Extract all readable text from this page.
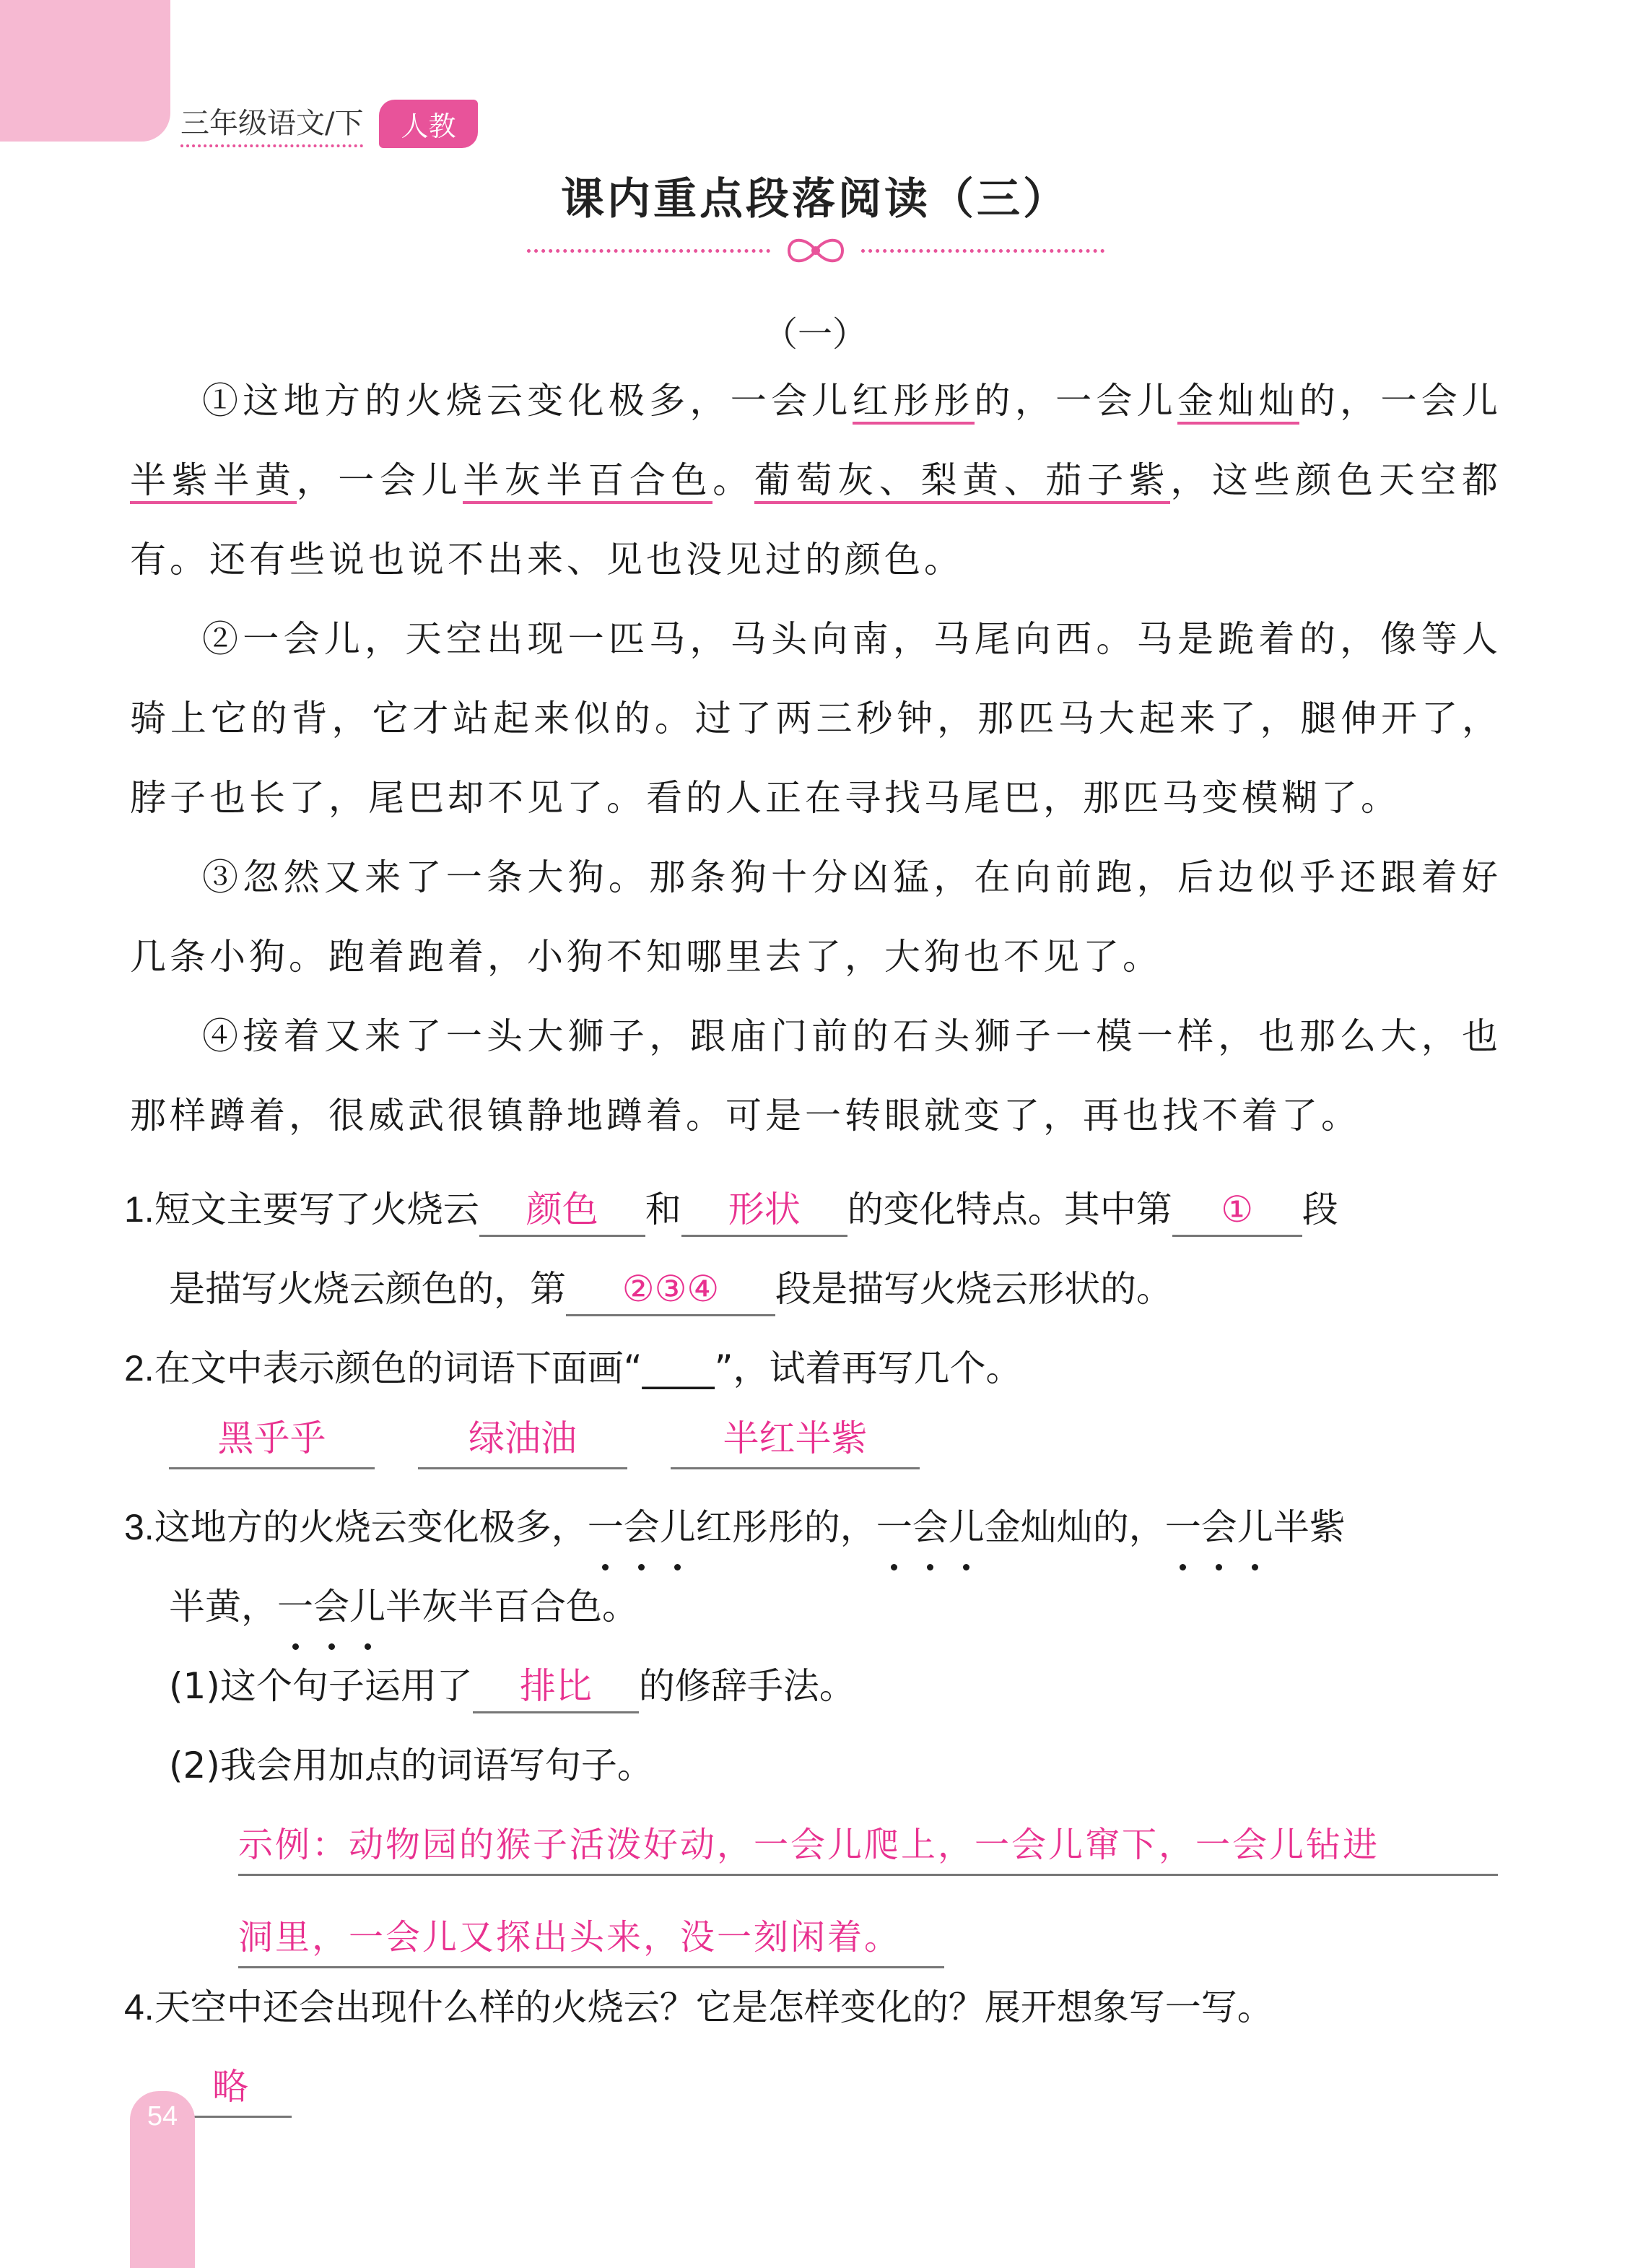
三年级语文/下	人教
课内重点段落阅读（三）
（一）

①这地方的火烧云变化极多，一会儿红彤彤的，一会儿金灿灿的，一会儿半紫半黄，一会儿半灰半百合色。葡萄灰、梨黄、茄子紫，这些颜色天空都有。还有些说也说不出来、见也没见过的颜色。

②一会儿，天空出现一匹马，马头向南，马尾向西。马是跪着的，像等人骑上它的背，它才站起来似的。过了两三秒钟，那匹马大起来了，腿伸开了，脖子也长了，尾巴却不见了。看的人正在寻找马尾巴，那匹马变模糊了。

③忽然又来了一条大狗。那条狗十分凶猛，在向前跑，后边似乎还跟着好几条小狗。跑着跑着，小狗不知哪里去了，大狗也不见了。

④接着又来了一头大狮子，跟庙门前的石头狮子一模一样，也那么大，也那样蹲着，很威武很镇静地蹲着。可是一转眼就变了，再也找不着了。

1.短文主要写了火烧云 颜色 和 形状 的变化特点。其中第 ① 段
是描写火烧云颜色的，第 ②③④ 段是描写火烧云形状的。
2.在文中表示颜色的词语下面画“____”，试着再写几个。
黑乎乎	绿油油	半红半紫
3.这地方的火烧云变化极多，一会儿
红彤彤的，一会儿
金灿灿的，一会儿
半紫
半黄，一会儿
半灰半百合色。
(1)这个句子运用了 排比 的修辞手法。
(2)我会用加点的词语写句子。
示例：动物园的猴子活泼好动，一会儿爬上，一会儿窜下，一会儿钻进
洞里，一会儿又探出头来，没一刻闲着。
4.天空中还会出现什么样的火烧云？它是怎样变化的？展开想象写一写。
略
54
